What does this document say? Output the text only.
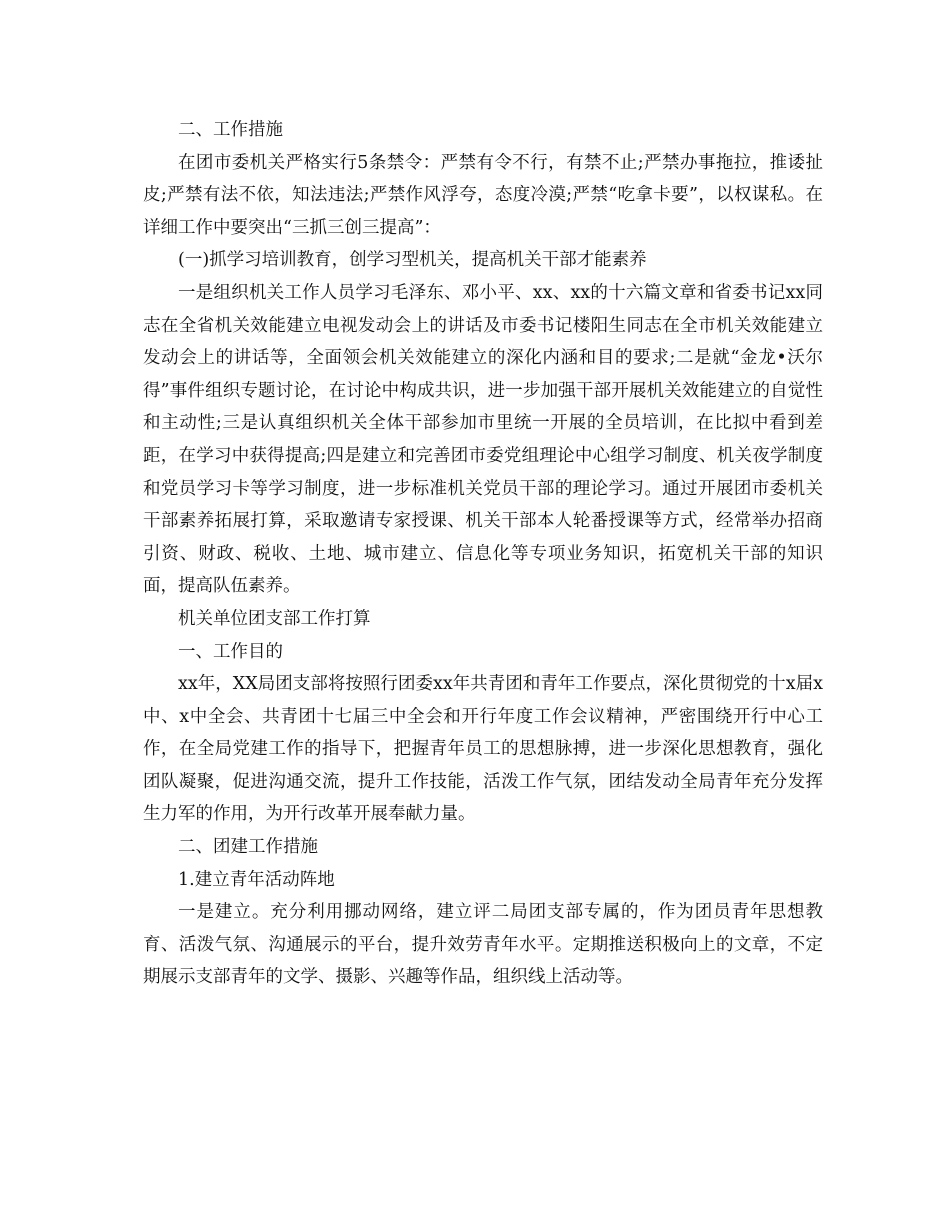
二、工作措施

在团市委机关严格实行5条禁令：严禁有令不行，有禁不止;严禁办事拖拉，推诿扯皮;严禁有法不依，知法违法;严禁作风浮夸，态度冷漠;严禁“吃拿卡要”，以权谋私。在详细工作中要突出“三抓三创三提高”：

(一)抓学习培训教育，创学习型机关，提高机关干部才能素养

一是组织机关工作人员学习毛泽东、邓小平、xx、xx的十六篇文章和省委书记xx同志在全省机关效能建立电视发动会上的讲话及市委书记楼阳生同志在全市机关效能建立发动会上的讲话等，全面领会机关效能建立的深化内涵和目的要求;二是就“金龙•沃尔得”事件组织专题讨论，在讨论中构成共识，进一步加强干部开展机关效能建立的自觉性和主动性;三是认真组织机关全体干部参加市里统一开展的全员培训，在比拟中看到差距，在学习中获得提高;四是建立和完善团市委党组理论中心组学习制度、机关夜学制度和党员学习卡等学习制度，进一步标准机关党员干部的理论学习。通过开展团市委机关干部素养拓展打算，采取邀请专家授课、机关干部本人轮番授课等方式，经常举办招商引资、财政、税收、土地、城市建立、信息化等专项业务知识，拓宽机关干部的知识面，提高队伍素养。

机关单位团支部工作打算

一、工作目的

xx年，XX局团支部将按照行团委xx年共青团和青年工作要点，深化贯彻党的十x届x中、x中全会、共青团十七届三中全会和开行年度工作会议精神，严密围绕开行中心工作，在全局党建工作的指导下，把握青年员工的思想脉搏，进一步深化思想教育，强化团队凝聚，促进沟通交流，提升工作技能，活泼工作气氛，团结发动全局青年充分发挥生力军的作用，为开行改革开展奉献力量。

二、团建工作措施

1.建立青年活动阵地

一是建立。充分利用挪动网络，建立评二局团支部专属的，作为团员青年思想教育、活泼气氛、沟通展示的平台，提升效劳青年水平。定期推送积极向上的文章，不定期展示支部青年的文学、摄影、兴趣等作品，组织线上活动等。
